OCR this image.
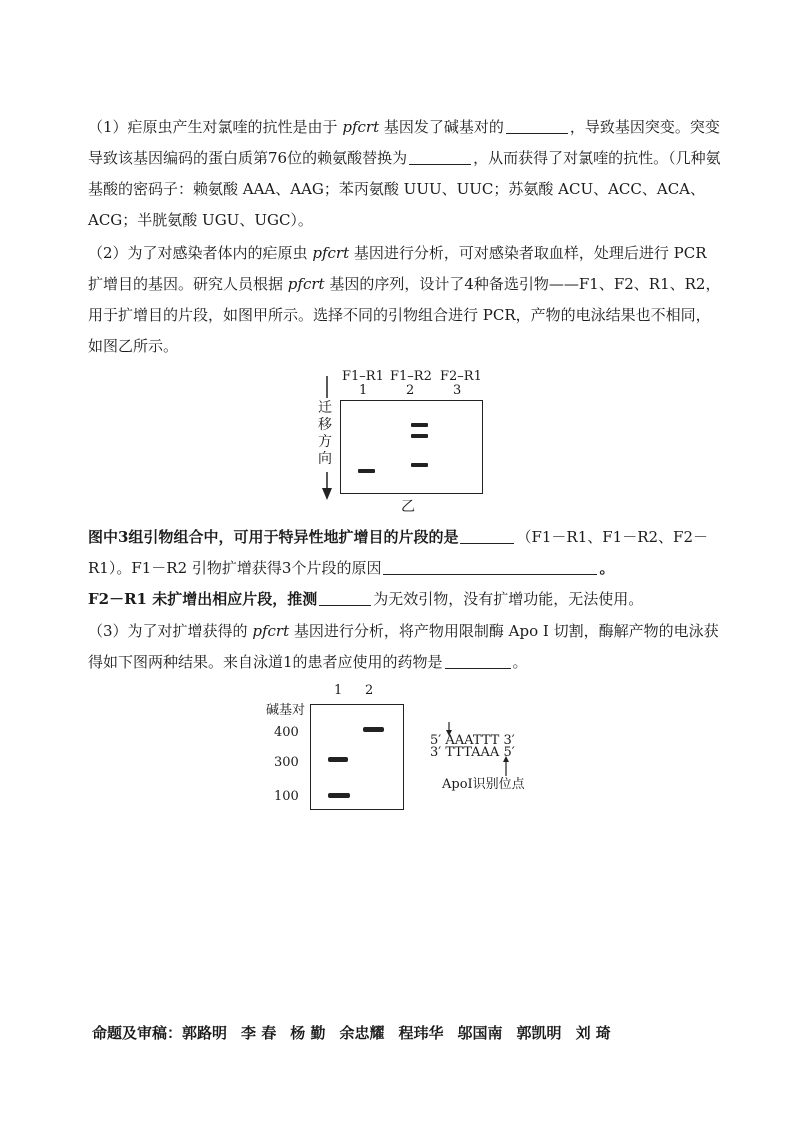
（1）疟原虫产生对氯喹的抗性是由于 pfcrt 基因发了碱基对的	，导致基因突变。突变导致该基因编码的蛋白质第76位的赖氨酸替换为	，从而获得了对氯喹的抗性。（几种氨基酸的密码子：赖氨酸 AAA、AAG；苯丙氨酸 UUU、UUC；苏氨酸 ACU、ACC、ACA、ACG；半胱氨酸 UGU、UGC）。
（2）为了对感染者体内的疟原虫 pfcrt 基因进行分析，可对感染者取血样，处理后进行 PCR 扩增目的基因。研究人员根据 pfcrt 基因的序列，设计了4种备选引物——F1、F2、R1、R2，用于扩增目的片段，如图甲所示。选择不同的引物组合进行 PCR，产物的电泳结果也不相同，如图乙所示。
F1–R1 F1–R2 F2–R1
1	2	3
迁
移
方
向
乙
图中3组引物组合中，可用于特异性地扩增目的片段的是	（F1－R1、F1－R2、F2－R1）。F1－R2 引物扩增获得3个片段的原因	。
F2－R1 未扩增出相应片段，推测	为无效引物，没有扩增功能，无法使用。
（3）为了对扩增获得的 pfcrt 基因进行分析，将产物用限制酶 Apo Ⅰ 切割，酶解产物的电泳获得如下图两种结果。来自泳道1的患者应使用的药物是	。
1 2
碱基对
400
300
100
5′ AAATTT 3′
3′ TTTAAA 5′
ApoⅠ识别位点
命题及审稿：郭路明 李 春 杨 勤 余忠耀 程玮华 邬国南 郭凯明 刘 琦
